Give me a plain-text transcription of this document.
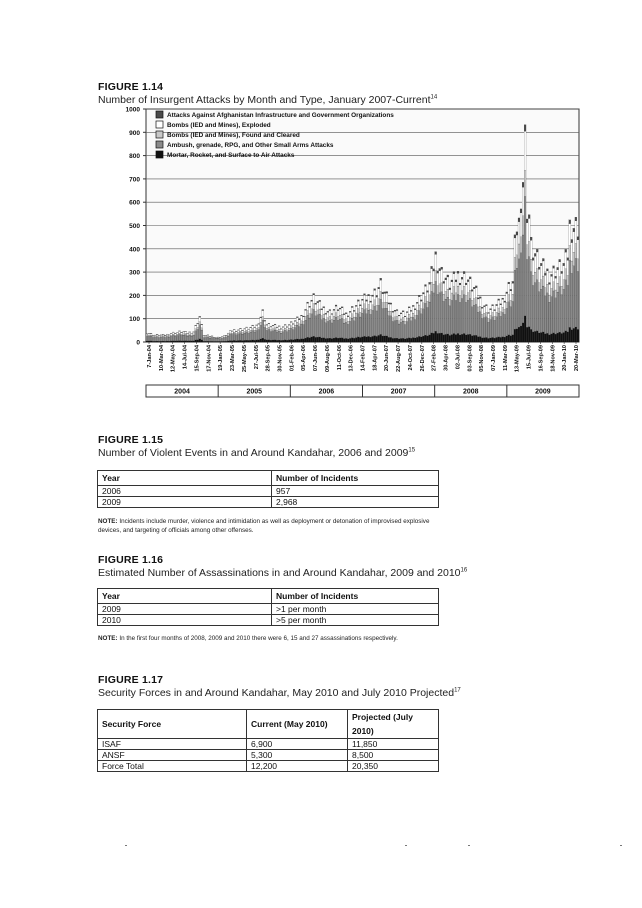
FIGURE 1.14
Number of Insurgent Attacks by Month and Type, January 2007-Current$^{14}$
0
100
200
300
400
500
600
700
800
900
1000
7-Jan-04 10-Mar-04 12-May-04 14-Jul-04 15-Sep-04 17-Nov-04 19-Jan-05 23-Mar-05 25-May-05 27-Jul-05 28-Sep-05 30-Nov-05 01-Feb-06 05-Apr-06 07-Jun-06 09-Aug-06 11-Oct-06 13-Dec-06 14-Feb-07 18-Apr-07 20-Jun-07 22-Aug-07 24-Oct-07 26-Dec-07 27-Feb-08 30-Apr-08 02-Jul-08 03-Sep-08 05-Nov-08 07-Jan-09 11-Mar-09 13-May-09 15-Jul-09 16-Sep-09 18-Nov-09 20-Jan-10 20-Mar-10
2004	2005	2006	2007	2008	2009
Attacks Against Afghanistan Infrastructure and Government Organizations
Bombs (IED and Mines), Exploded
Bombs (IED and Mines), Found and Cleared
Ambush, grenade, RPG, and Other Small Arms Attacks
Mortar, Rocket, and Surface to Air Attacks
FIGURE 1.15
Number of Violent Events in and Around Kandahar, 2006 and 2009$^{15}$
Year	Number of Incidents
2006	957
2009	2,968
NOTE: Incidents include murder, violence and intimidation as well as deployment or detonation of improvised explosive devices, and targeting of officials among other offenses.
FIGURE 1.16
Estimated Number of Assassinations in and Around Kandahar, 2009 and 2010$^{16}$
Year	Number of Incidents
2009	>1 per month
2010	>5 per month
NOTE: In the first four months of 2008, 2009 and 2010 there were 6, 15 and 27 assassinations respectively.
FIGURE 1.17
Security Forces in and Around Kandahar, May 2010 and July 2010 Projected$^{17}$
Security Force	Current (May 2010)	Projected (July 2010)
ISAF	6,900	11,850
ANSF	5,300	8,500
Force Total	12,200	20,350
